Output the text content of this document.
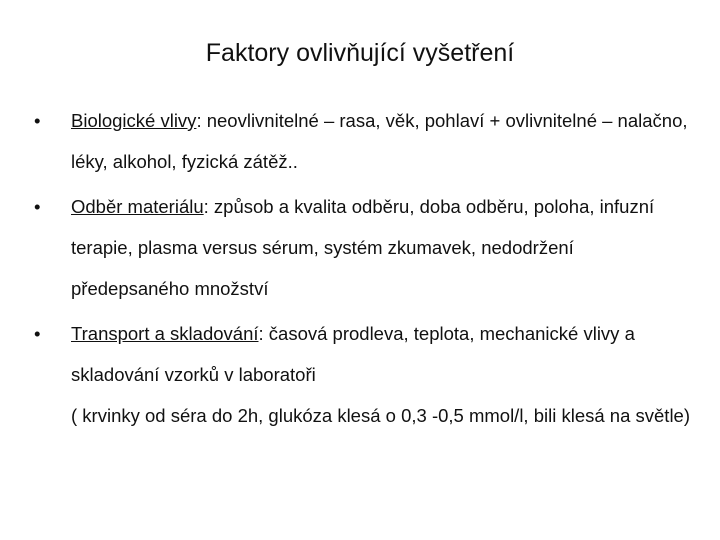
Faktory ovlivňující vyšetření
•	Biologické vlivy: neovlivnitelné – rasa, věk, pohlaví + ovlivnitelné – nalačno, léky, alkohol, fyzická zátěž..
•	Odběr materiálu: způsob a kvalita odběru, doba odběru, poloha, infuzní terapie, plasma versus sérum, systém zkumavek, nedodržení předepsaného množství
•	Transport a skladování: časová prodleva, teplota, mechanické vlivy a skladování vzorků v laboratoři
( krvinky od séra do 2h, glukóza klesá o 0,3 -0,5 mmol/l, bili klesá na světle)
